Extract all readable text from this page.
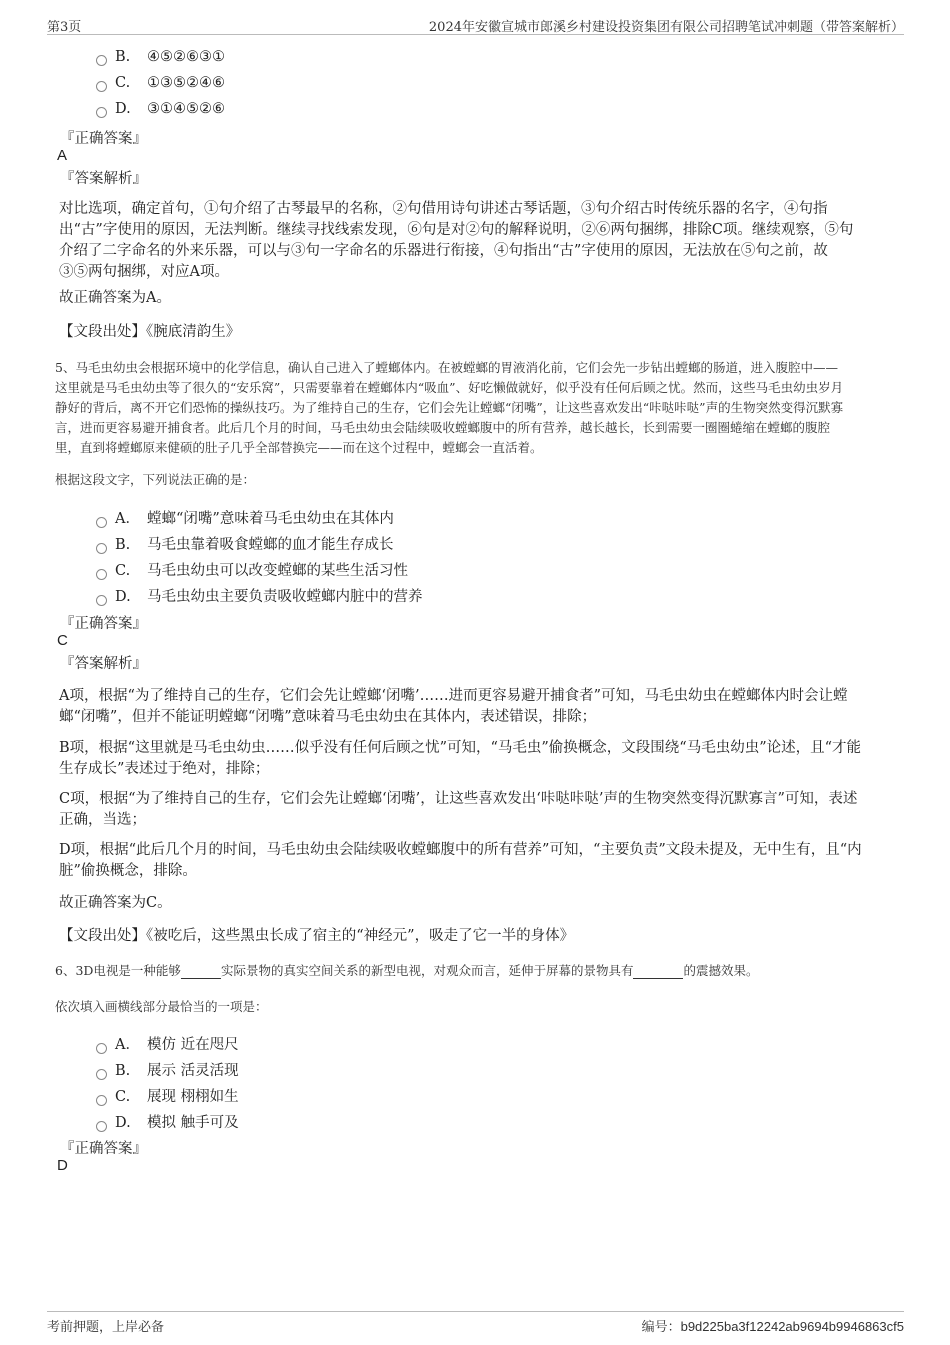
第3页	2024年安徽宣城市郎溪乡村建设投资集团有限公司招聘笔试冲刺题（带答案解析）
B. ④⑤②⑥③①
C. ①③⑤②④⑥
D. ③①④⑤②⑥
『正确答案』
A
『答案解析』
对比选项，确定首句，①句介绍了古琴最早的名称，②句借用诗句讲述古琴话题，③句介绍古时传统乐器的名字，④句指
出“古”字使用的原因，无法判断。继续寻找线索发现，⑥句是对②句的解释说明，②⑥两句捆绑，排除C项。继续观察，⑤句
介绍了二字命名的外来乐器，可以与③句一字命名的乐器进行衔接，④句指出“古”字使用的原因，无法放在⑤句之前，故
③⑤两句捆绑，对应A项。
故正确答案为A。
【文段出处】《腕底清韵生》
5、马毛虫幼虫会根据环境中的化学信息，确认自己进入了螳螂体内。在被螳螂的胃液消化前，它们会先一步钻出螳螂的肠道，进入腹腔中——
这里就是马毛虫幼虫等了很久的“安乐窝”，只需要靠着在螳螂体内“吸血”、好吃懒做就好，似乎没有任何后顾之忧。然而，这些马毛虫幼虫岁月
静好的背后，离不开它们恐怖的操纵技巧。为了维持自己的生存，它们会先让螳螂“闭嘴”，让这些喜欢发出“咔哒咔哒”声的生物突然变得沉默寡
言，进而更容易避开捕食者。此后几个月的时间，马毛虫幼虫会陆续吸收螳螂腹中的所有营养，越长越长，长到需要一圈圈蜷缩在螳螂的腹腔
里，直到将螳螂原来健硕的肚子几乎全部替换完——而在这个过程中，螳螂会一直活着。
根据这段文字，下列说法正确的是：
A． 螳螂“闭嘴”意味着马毛虫幼虫在其体内
B. 马毛虫靠着吸食螳螂的血才能生存成长
C. 马毛虫幼虫可以改变螳螂的某些生活习性
D. 马毛虫幼虫主要负责吸收螳螂内脏中的营养
『正确答案』
C
『答案解析』
A项，根据“为了维持自己的生存，它们会先让螳螂‘闭嘴’……进而更容易避开捕食者”可知，马毛虫幼虫在螳螂体内时会让螳
螂“闭嘴”，但并不能证明螳螂“闭嘴”意味着马毛虫幼虫在其体内，表述错误，排除；
B项，根据“这里就是马毛虫幼虫……似乎没有任何后顾之忧”可知，“马毛虫”偷换概念，文段围绕“马毛虫幼虫”论述，且“才能
生存成长”表述过于绝对，排除；
C项，根据“为了维持自己的生存，它们会先让螳螂‘闭嘴’，让这些喜欢发出‘咔哒咔哒’声的生物突然变得沉默寡言”可知，表述
正确，当选；
D项，根据“此后几个月的时间，马毛虫幼虫会陆续吸收螳螂腹中的所有营养”可知，“主要负责”文段未提及，无中生有，且“内
脏”偷换概念，排除。
故正确答案为C。
【文段出处】《被吃后，这些黑虫长成了宿主的“神经元”，吸走了它一半的身体》
6、3D电视是一种能够	实际景物的真实空间关系的新型电视，对观众而言，延伸于屏幕的景物具有	的震撼效果。
依次填入画横线部分最恰当的一项是：
A． 模仿 近在咫尺
B. 展示 活灵活现
C. 展现 栩栩如生
D. 模拟 触手可及
『正确答案』
D
考前押题，上岸必备	编号：b9d225ba3f12242ab9694b9946863cf5
